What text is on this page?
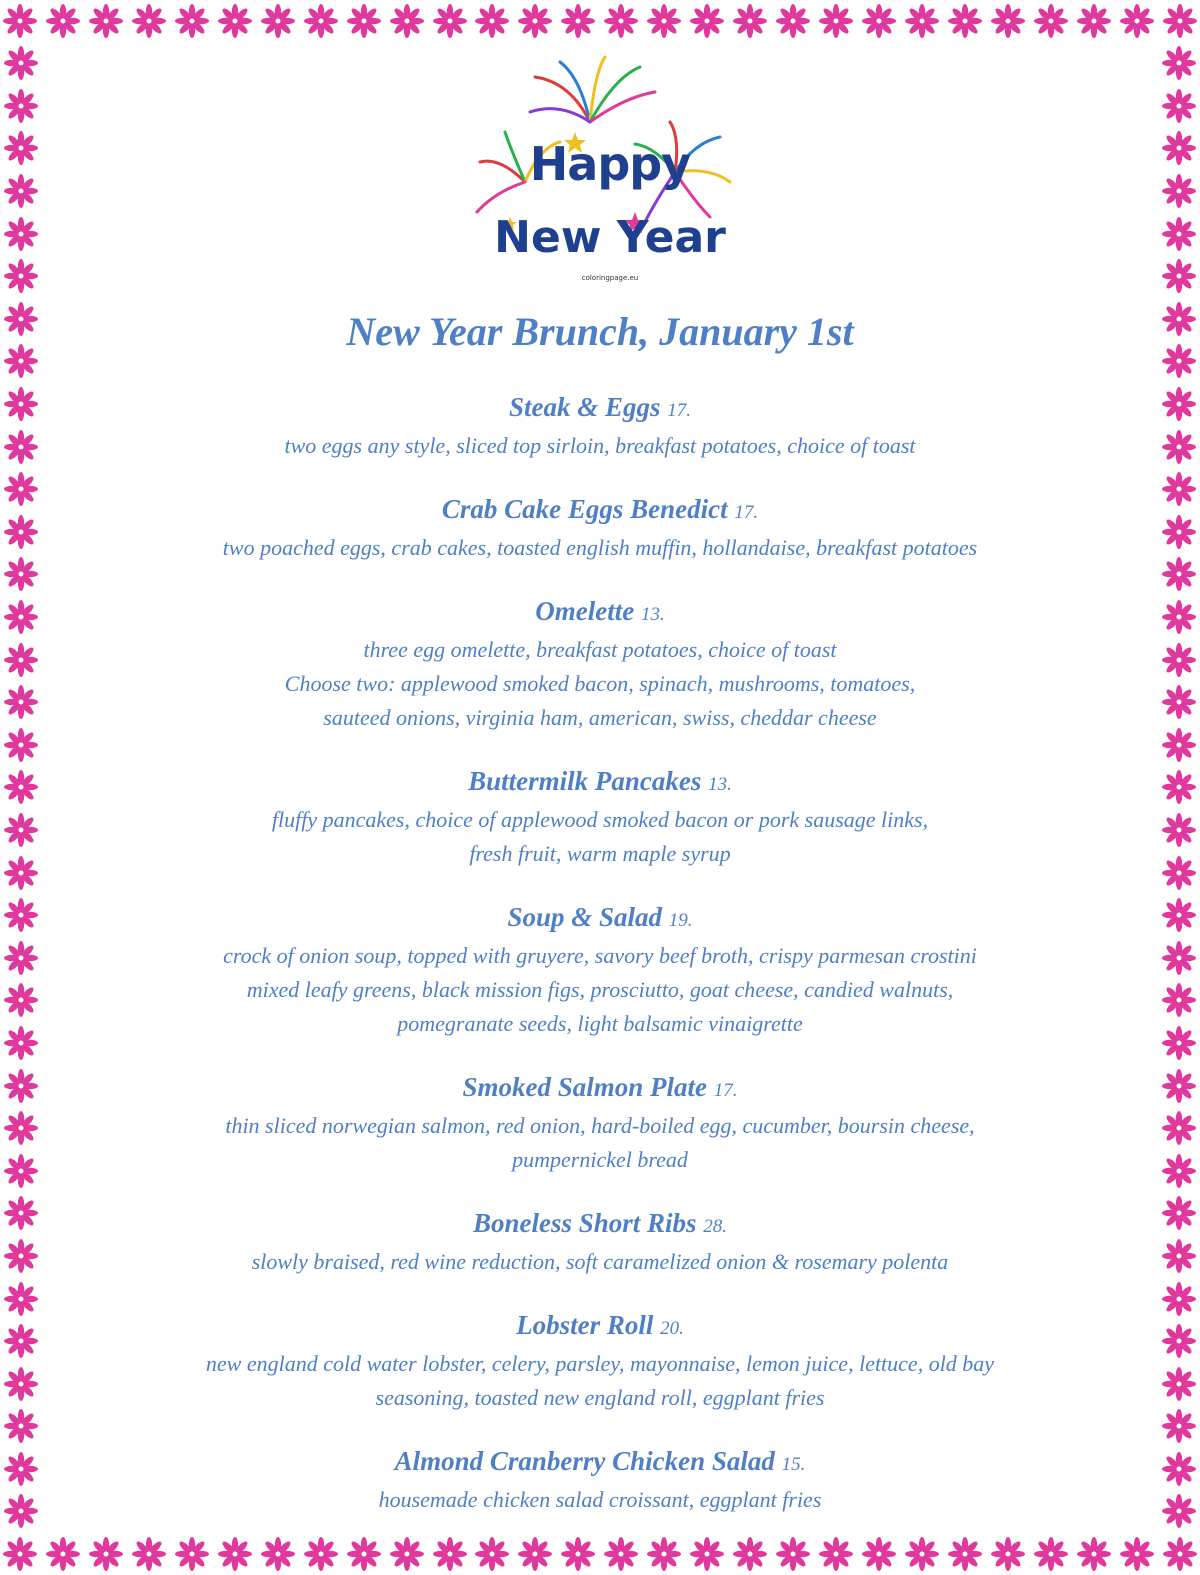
Happy
New Year
coloringpage.eu
New Year Brunch, January 1st
Steak & Eggs 17.
two eggs any style, sliced top sirloin, breakfast potatoes, choice of toast
Crab Cake Eggs Benedict 17.
two poached eggs, crab cakes, toasted english muffin, hollandaise, breakfast potatoes
Omelette 13.
three egg omelette, breakfast potatoes, choice of toast
Choose two: applewood smoked bacon, spinach, mushrooms, tomatoes,
sauteed onions, virginia ham, american, swiss, cheddar cheese
Buttermilk Pancakes 13.
fluffy pancakes, choice of applewood smoked bacon or pork sausage links,
fresh fruit, warm maple syrup
Soup & Salad 19.
crock of onion soup, topped with gruyere, savory beef broth, crispy parmesan crostini
mixed leafy greens, black mission figs, prosciutto, goat cheese, candied walnuts,
pomegranate seeds, light balsamic vinaigrette
Smoked Salmon Plate 17.
thin sliced norwegian salmon, red onion, hard-boiled egg, cucumber, boursin cheese,
pumpernickel bread
Boneless Short Ribs 28.
slowly braised, red wine reduction, soft caramelized onion & rosemary polenta
Lobster Roll 20.
new england cold water lobster, celery, parsley, mayonnaise, lemon juice, lettuce, old bay
seasoning, toasted new england roll, eggplant fries
Almond Cranberry Chicken Salad 15.
housemade chicken salad croissant, eggplant fries
